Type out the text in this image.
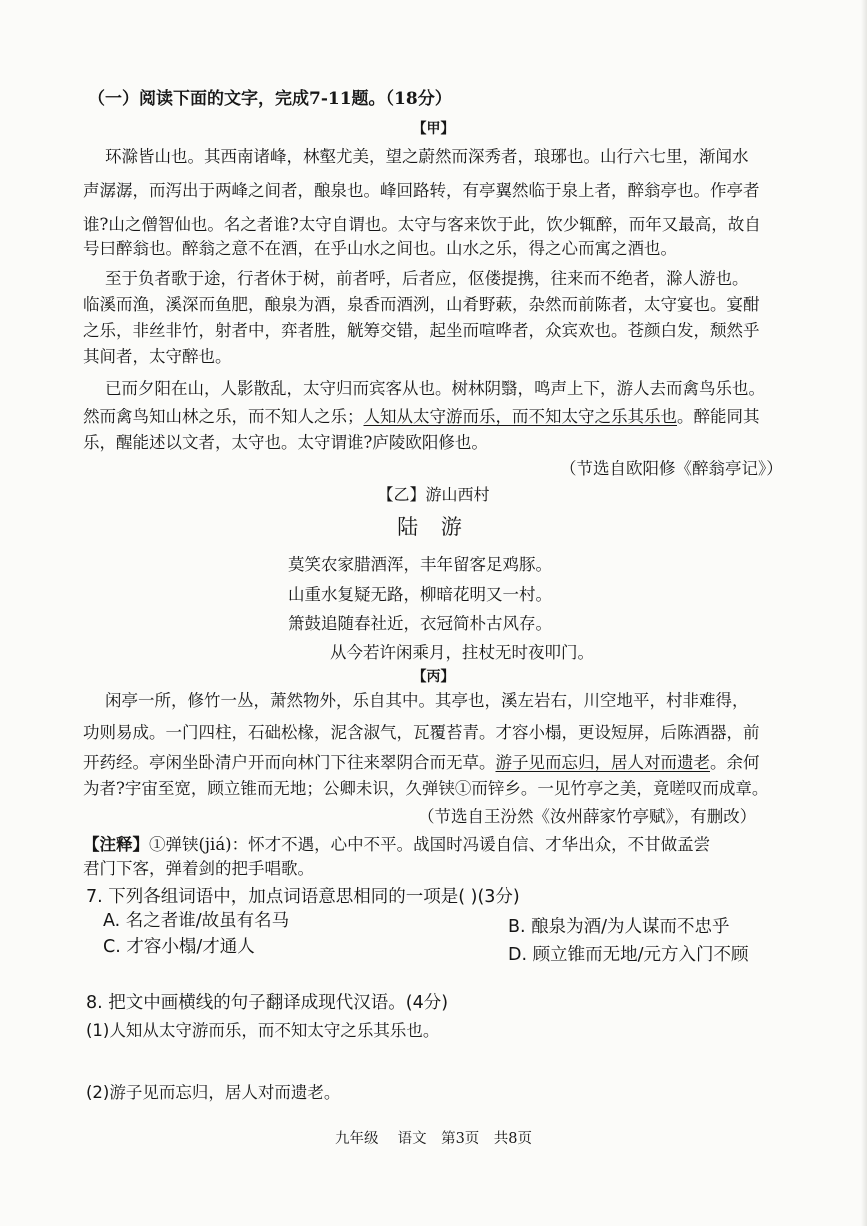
（一）阅读下面的文字，完成7-11题。（18分）
【甲】
环滁皆山也。其西南诸峰，林壑尤美，望之蔚然而深秀者，琅琊也。山行六七里，渐闻水
声潺潺，而泻出于两峰之间者，酿泉也。峰回路转，有亭翼然临于泉上者，醉翁亭也。作亭者
谁?山之僧智仙也。名之者谁?太守自谓也。太守与客来饮于此，饮少辄醉，而年又最高，故自
号曰醉翁也。醉翁之意不在酒，在乎山水之间也。山水之乐，得之心而寓之酒也。
至于负者歌于途，行者休于树，前者呼，后者应，伛偻提携，往来而不绝者，滁人游也。
临溪而渔，溪深而鱼肥，酿泉为酒，泉香而酒洌，山肴野蔌，杂然而前陈者，太守宴也。宴酣
之乐，非丝非竹，射者中，弈者胜，觥筹交错，起坐而喧哗者，众宾欢也。苍颜白发，颓然乎
其间者，太守醉也。
已而夕阳在山，人影散乱，太守归而宾客从也。树林阴翳，鸣声上下，游人去而禽鸟乐也。
然而禽鸟知山林之乐，而不知人之乐；人知从太守游而乐，而不知太守之乐其乐也。醉能同其
乐，醒能述以文者，太守也。太守谓谁?庐陵欧阳修也。
（节选自欧阳修《醉翁亭记》）
【乙】游山西村
陆 游
莫笑农家腊酒浑，丰年留客足鸡豚。
山重水复疑无路，柳暗花明又一村。
箫鼓追随春社近，衣冠简朴古风存。
从今若许闲乘月，拄杖无时夜叩门。
【丙】
闲亭一所，修竹一丛，萧然物外，乐自其中。其亭也，溪左岩右，川空地平，村非难得，
功则易成。一门四柱，石础松椽，泥含淑气，瓦覆苔青。才容小榻，更设短屏，后陈酒器，前
开药经。亭闲坐卧清户开而向林门下往来翠阴合而无草。游子见而忘归，居人对而遗老。余何
为者?宇宙至宽，顾立锥而无地；公卿未识，久弹铗①而锌乡。一见竹亭之美，竟嗟叹而成章。
（节选自王汾然《汝州薛家竹亭赋》，有删改）
【注释】①弹铗(jiá)：怀才不遇，心中不平。战国时冯谖自信、才华出众，不甘做孟尝
君门下客，弹着剑的把手唱歌。
7. 下列各组词语中，加点词语意思相同的一项是( )(3分)
A. 名之者谁/故虽有名马	B. 酿泉为酒/为人谋而不忠乎
C. 才容小榻/才通人	D. 顾立锥而无地/元方入门不顾
8. 把文中画横线的句子翻译成现代汉语。(4分)
(1)人知从太守游而乐，而不知太守之乐其乐也。
(2)游子见而忘归，居人对而遗老。
九年级　 语文　第3页　共8页
